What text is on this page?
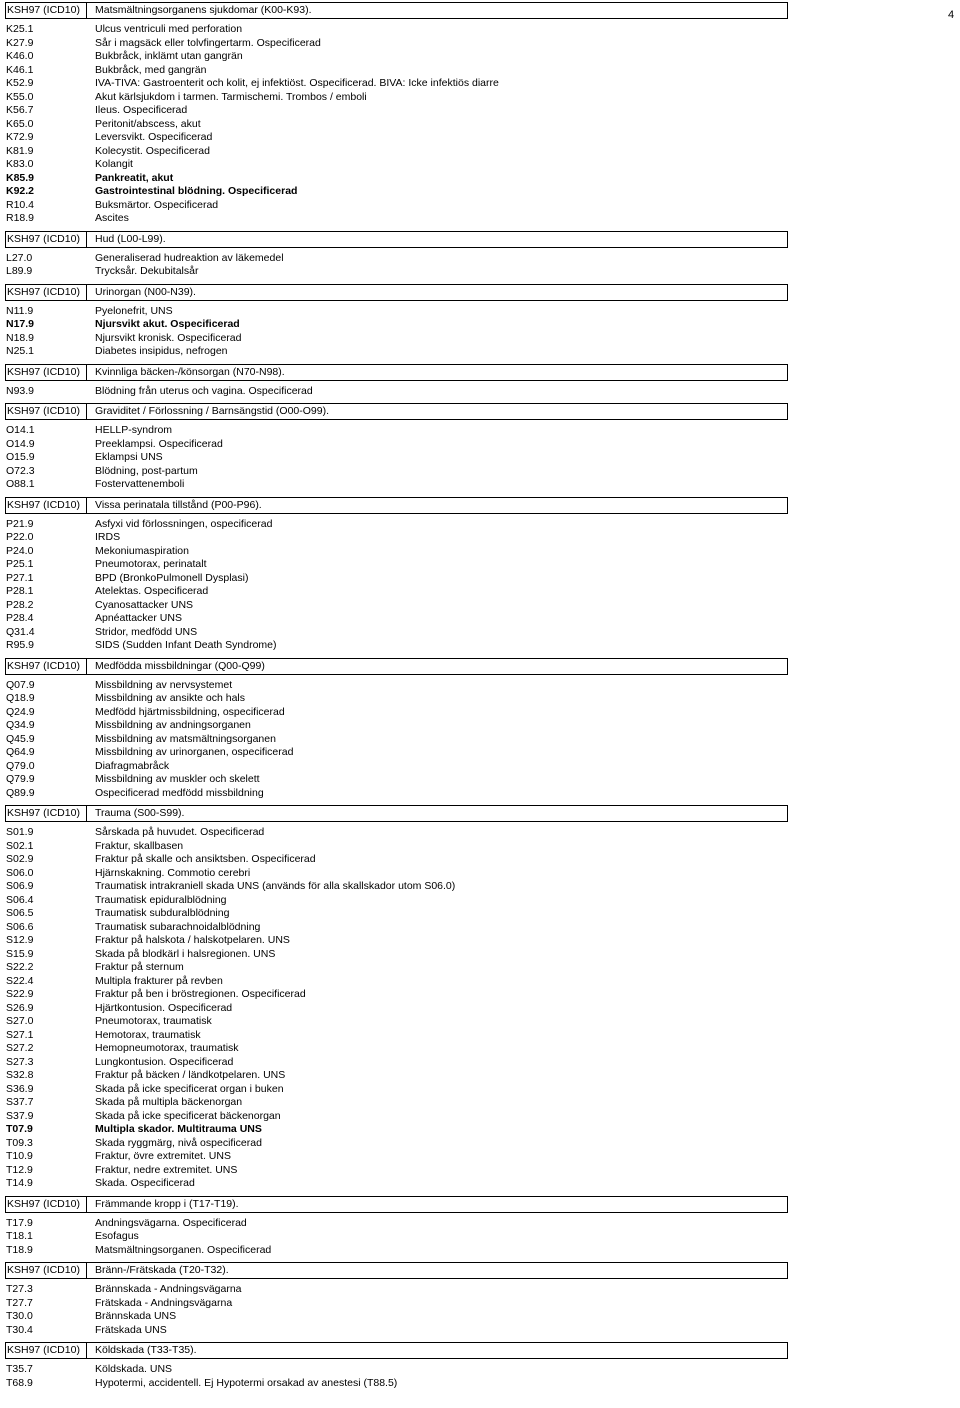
4
KSH97 (ICD10)	Matsmältningsorganens sjukdomar (K00-K93).
K25.1	Ulcus ventriculi med perforation
K27.9	Sår i magsäck eller tolvfingertarm. Ospecificerad
K46.0	Bukbråck, inklämt utan gangrän
K46.1	Bukbråck, med gangrän
K52.9	IVA-TIVA: Gastroenterit och kolit, ej infektiöst. Ospecificerad. BIVA: Icke infektiös diarre
K55.0	Akut kärlsjukdom i tarmen. Tarmischemi. Trombos / emboli
K56.7	Ileus. Ospecificerad
K65.0	Peritonit/abscess, akut
K72.9	Leversvikt. Ospecificerad
K81.9	Kolecystit. Ospecificerad
K83.0	Kolangit
K85.9	Pankreatit, akut
K92.2	Gastrointestinal blödning. Ospecificerad
R10.4	Buksmärtor. Ospecificerad
R18.9	Ascites
KSH97 (ICD10)	Hud (L00-L99).
L27.0	Generaliserad hudreaktion av läkemedel
L89.9	Trycksår. Dekubitalsår
KSH97 (ICD10)	Urinorgan (N00-N39).
N11.9	Pyelonefrit, UNS
N17.9	Njursvikt akut. Ospecificerad
N18.9	Njursvikt kronisk. Ospecificerad
N25.1	Diabetes insipidus, nefrogen
KSH97 (ICD10)	Kvinnliga bäcken-/könsorgan (N70-N98).
N93.9	Blödning från uterus och vagina. Ospecificerad
KSH97 (ICD10)	Graviditet / Förlossning / Barnsängstid (O00-O99).
O14.1	HELLP-syndrom
O14.9	Preeklampsi. Ospecificerad
O15.9	Eklampsi UNS
O72.3	Blödning, post-partum
O88.1	Fostervattenemboli
KSH97 (ICD10)	Vissa perinatala tillstånd (P00-P96).
P21.9	Asfyxi vid förlossningen, ospecificerad
P22.0	IRDS
P24.0	Mekoniumaspiration
P25.1	Pneumotorax, perinatalt
P27.1	BPD (BronkoPulmonell Dysplasi)
P28.1	Atelektas. Ospecificerad
P28.2	Cyanosattacker UNS
P28.4	Apnéattacker UNS
Q31.4	Stridor, medfödd UNS
R95.9	SIDS (Sudden Infant Death Syndrome)
KSH97 (ICD10)	Medfödda missbildningar (Q00-Q99)
Q07.9	Missbildning av nervsystemet
Q18.9	Missbildning av ansikte och hals
Q24.9	Medfödd hjärtmissbildning, ospecificerad
Q34.9	Missbildning av andningsorganen
Q45.9	Missbildning av matsmältningsorganen
Q64.9	Missbildning av urinorganen, ospecificerad
Q79.0	Diafragmabråck
Q79.9	Missbildning av muskler och skelett
Q89.9	Ospecificerad medfödd missbildning
KSH97 (ICD10)	Trauma (S00-S99).
S01.9	Sårskada på huvudet. Ospecificerad
S02.1	Fraktur, skallbasen
S02.9	Fraktur på skalle och ansiktsben. Ospecificerad
S06.0	Hjärnskakning. Commotio cerebri
S06.9	Traumatisk intrakraniell skada UNS (används för alla skallskador utom S06.0)
S06.4	Traumatisk epiduralblödning
S06.5	Traumatisk subduralblödning
S06.6	Traumatisk subarachnoidalblödning
S12.9	Fraktur på halskota / halskotpelaren. UNS
S15.9	Skada på blodkärl i halsregionen. UNS
S22.2	Fraktur på sternum
S22.4	Multipla frakturer på revben
S22.9	Fraktur på ben i bröstregionen. Ospecificerad
S26.9	Hjärtkontusion. Ospecificerad
S27.0	Pneumotorax, traumatisk
S27.1	Hemotorax, traumatisk
S27.2	Hemopneumotorax, traumatisk
S27.3	Lungkontusion. Ospecificerad
S32.8	Fraktur på bäcken / ländkotpelaren. UNS
S36.9	Skada på icke specificerat organ i buken
S37.7	Skada på multipla bäckenorgan
S37.9	Skada på icke specificerat bäckenorgan
T07.9	Multipla skador. Multitrauma UNS
T09.3	Skada ryggmärg, nivå ospecificerad
T10.9	Fraktur, övre extremitet. UNS
T12.9	Fraktur, nedre extremitet. UNS
T14.9	Skada. Ospecificerad
KSH97 (ICD10)	Främmande kropp i (T17-T19).
T17.9	Andningsvägarna. Ospecificerad
T18.1	Esofagus
T18.9	Matsmältningsorganen. Ospecificerad
KSH97 (ICD10)	Bränn-/Frätskada (T20-T32).
T27.3	Brännskada - Andningsvägarna
T27.7	Frätskada - Andningsvägarna
T30.0	Brännskada UNS
T30.4	Frätskada UNS
KSH97 (ICD10)	Köldskada (T33-T35).
T35.7	Köldskada. UNS
T68.9	Hypotermi, accidentell. Ej Hypotermi orsakad av anestesi (T88.5)
